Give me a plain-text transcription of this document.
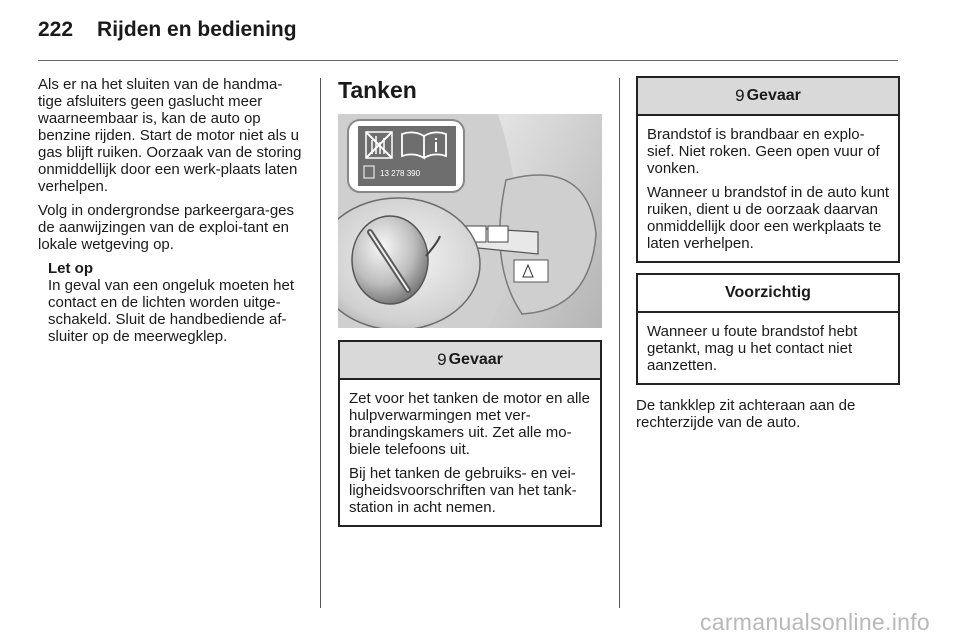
222 Rijden en bediening

Als er na het sluiten van de handma-tige afsluiters geen gaslucht meer waarneembaar is, kan de auto op benzine rijden. Start de motor niet als u gas blijft ruiken. Oorzaak van de storing onmiddellijk door een werk-plaats laten verhelpen.

Volg in ondergrondse parkeergara-ges de aanwijzingen van de exploi-tant en lokale wetgeving op.

Let op

In geval van een ongeluk moeten het contact en de lichten worden uitge-schakeld. Sluit de handbediende af-sluiter op de meerwegklep.

Tanken
13 278 390
9 Gevaar

Zet voor het tanken de motor en alle hulpverwarmingen met ver-brandingskamers uit. Zet alle mo-biele telefoons uit.

Bij het tanken de gebruiks- en vei-ligheidsvoorschriften van het tank-station in acht nemen.

9 Gevaar

Brandstof is brandbaar en explo-sief. Niet roken. Geen open vuur of vonken.

Wanneer u brandstof in de auto kunt ruiken, dient u de oorzaak daarvan onmiddellijk door een werkplaats te laten verhelpen.

Voorzichtig

Wanneer u foute brandstof hebt getankt, mag u het contact niet aanzetten.

De tankklep zit achteraan aan de rechterzijde van de auto.

carmanualsonline.info
